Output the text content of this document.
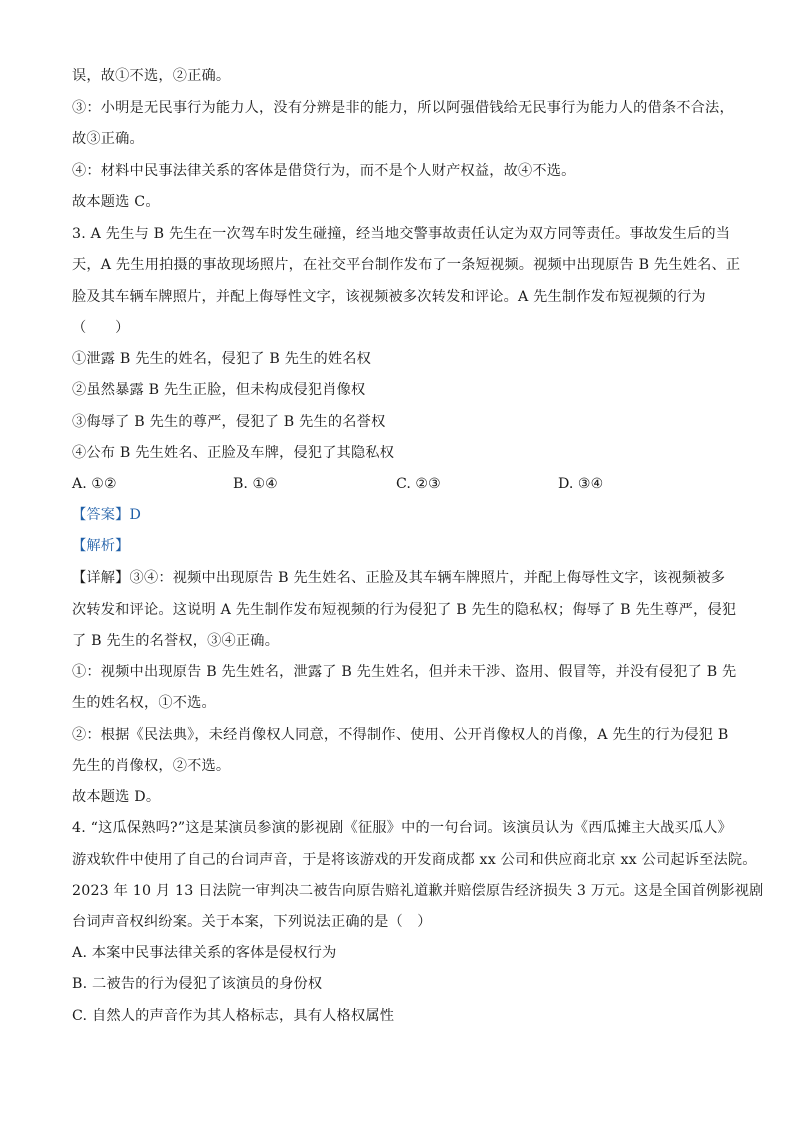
误，故①不选，②正确。
③：小明是无民事行为能力人，没有分辨是非的能力，所以阿强借钱给无民事行为能力人的借条不合法，
故③正确。
④：材料中民事法律关系的客体是借贷行为，而不是个人财产权益，故④不选。
故本题选 C。
3. A 先生与 B 先生在一次驾车时发生碰撞，经当地交警事故责任认定为双方同等责任。事故发生后的当
天，A 先生用拍摄的事故现场照片，在社交平台制作发布了一条短视频。视频中出现原告 B 先生姓名、正
脸及其车辆车牌照片，并配上侮辱性文字，该视频被多次转发和评论。A 先生制作发布短视频的行为
（　　）
①泄露 B 先生的姓名，侵犯了 B 先生的姓名权
②虽然暴露 B 先生正脸，但未构成侵犯肖像权
③侮辱了 B 先生的尊严，侵犯了 B 先生的名誉权
④公布 B 先生姓名、正脸及车牌，侵犯了其隐私权
A. ①②	B. ①④	C. ②③	D. ③④
【答案】D
【解析】
【详解】③④：视频中出现原告 B 先生姓名、正脸及其车辆车牌照片，并配上侮辱性文字，该视频被多
次转发和评论。这说明 A 先生制作发布短视频的行为侵犯了 B 先生的隐私权；侮辱了 B 先生尊严，侵犯
了 B 先生的名誉权，③④正确。
①：视频中出现原告 B 先生姓名，泄露了 B 先生姓名，但并未干涉、盗用、假冒等，并没有侵犯了 B 先
生的姓名权，①不选。
②：根据《民法典》，未经肖像权人同意，不得制作、使用、公开肖像权人的肖像，A 先生的行为侵犯 B
先生的肖像权，②不选。
故本题选 D。
4. “这瓜保熟吗?”这是某演员参演的影视剧《征服》中的一句台词。该演员认为《西瓜摊主大战买瓜人》
游戏软件中使用了自己的台词声音，于是将该游戏的开发商成都 xx 公司和供应商北京 xx 公司起诉至法院。
2023 年 10 月 13 日法院一审判决二被告向原告赔礼道歉并赔偿原告经济损失 3 万元。这是全国首例影视剧
台词声音权纠纷案。关于本案，下列说法正确的是（　）
A. 本案中民事法律关系的客体是侵权行为
B. 二被告的行为侵犯了该演员的身份权
C. 自然人的声音作为其人格标志，具有人格权属性
